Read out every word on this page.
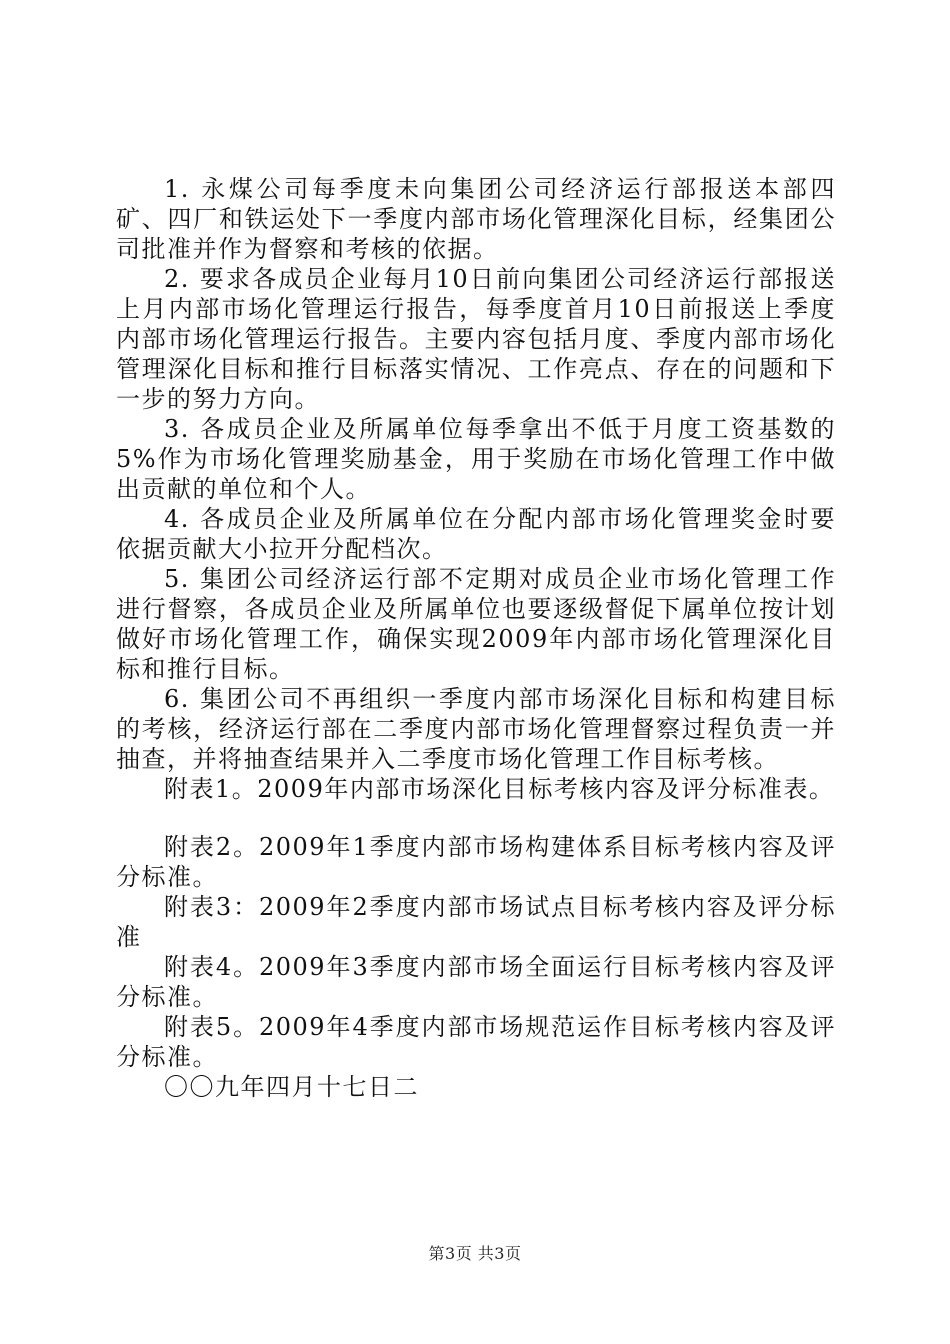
1. 永煤公司每季度未向集团公司经济运行部报送本部四矿、四厂和铁运处下一季度内部市场化管理深化目标，经集团公司批准并作为督察和考核的依据。

2. 要求各成员企业每月10日前向集团公司经济运行部报送上月内部市场化管理运行报告，每季度首月10日前报送上季度内部市场化管理运行报告。主要内容包括月度、季度内部市场化管理深化目标和推行目标落实情况、工作亮点、存在的问题和下一步的努力方向。

3. 各成员企业及所属单位每季拿出不低于月度工资基数的5%作为市场化管理奖励基金，用于奖励在市场化管理工作中做出贡献的单位和个人。

4. 各成员企业及所属单位在分配内部市场化管理奖金时要依据贡献大小拉开分配档次。

5. 集团公司经济运行部不定期对成员企业市场化管理工作进行督察，各成员企业及所属单位也要逐级督促下属单位按计划做好市场化管理工作，确保实现2009年内部市场化管理深化目标和推行目标。

6. 集团公司不再组织一季度内部市场深化目标和构建目标的考核，经济运行部在二季度内部市场化管理督察过程负责一并抽查，并将抽查结果并入二季度市场化管理工作目标考核。

附表1。2009年内部市场深化目标考核内容及评分标准表。

附表2。2009年1季度内部市场构建体系目标考核内容及评分标准。

附表3：2009年2季度内部市场试点目标考核内容及评分标准

附表4。2009年3季度内部市场全面运行目标考核内容及评分标准。

附表5。2009年4季度内部市场规范运作目标考核内容及评分标准。

〇〇九年四月十七日二

第3页 共3页
